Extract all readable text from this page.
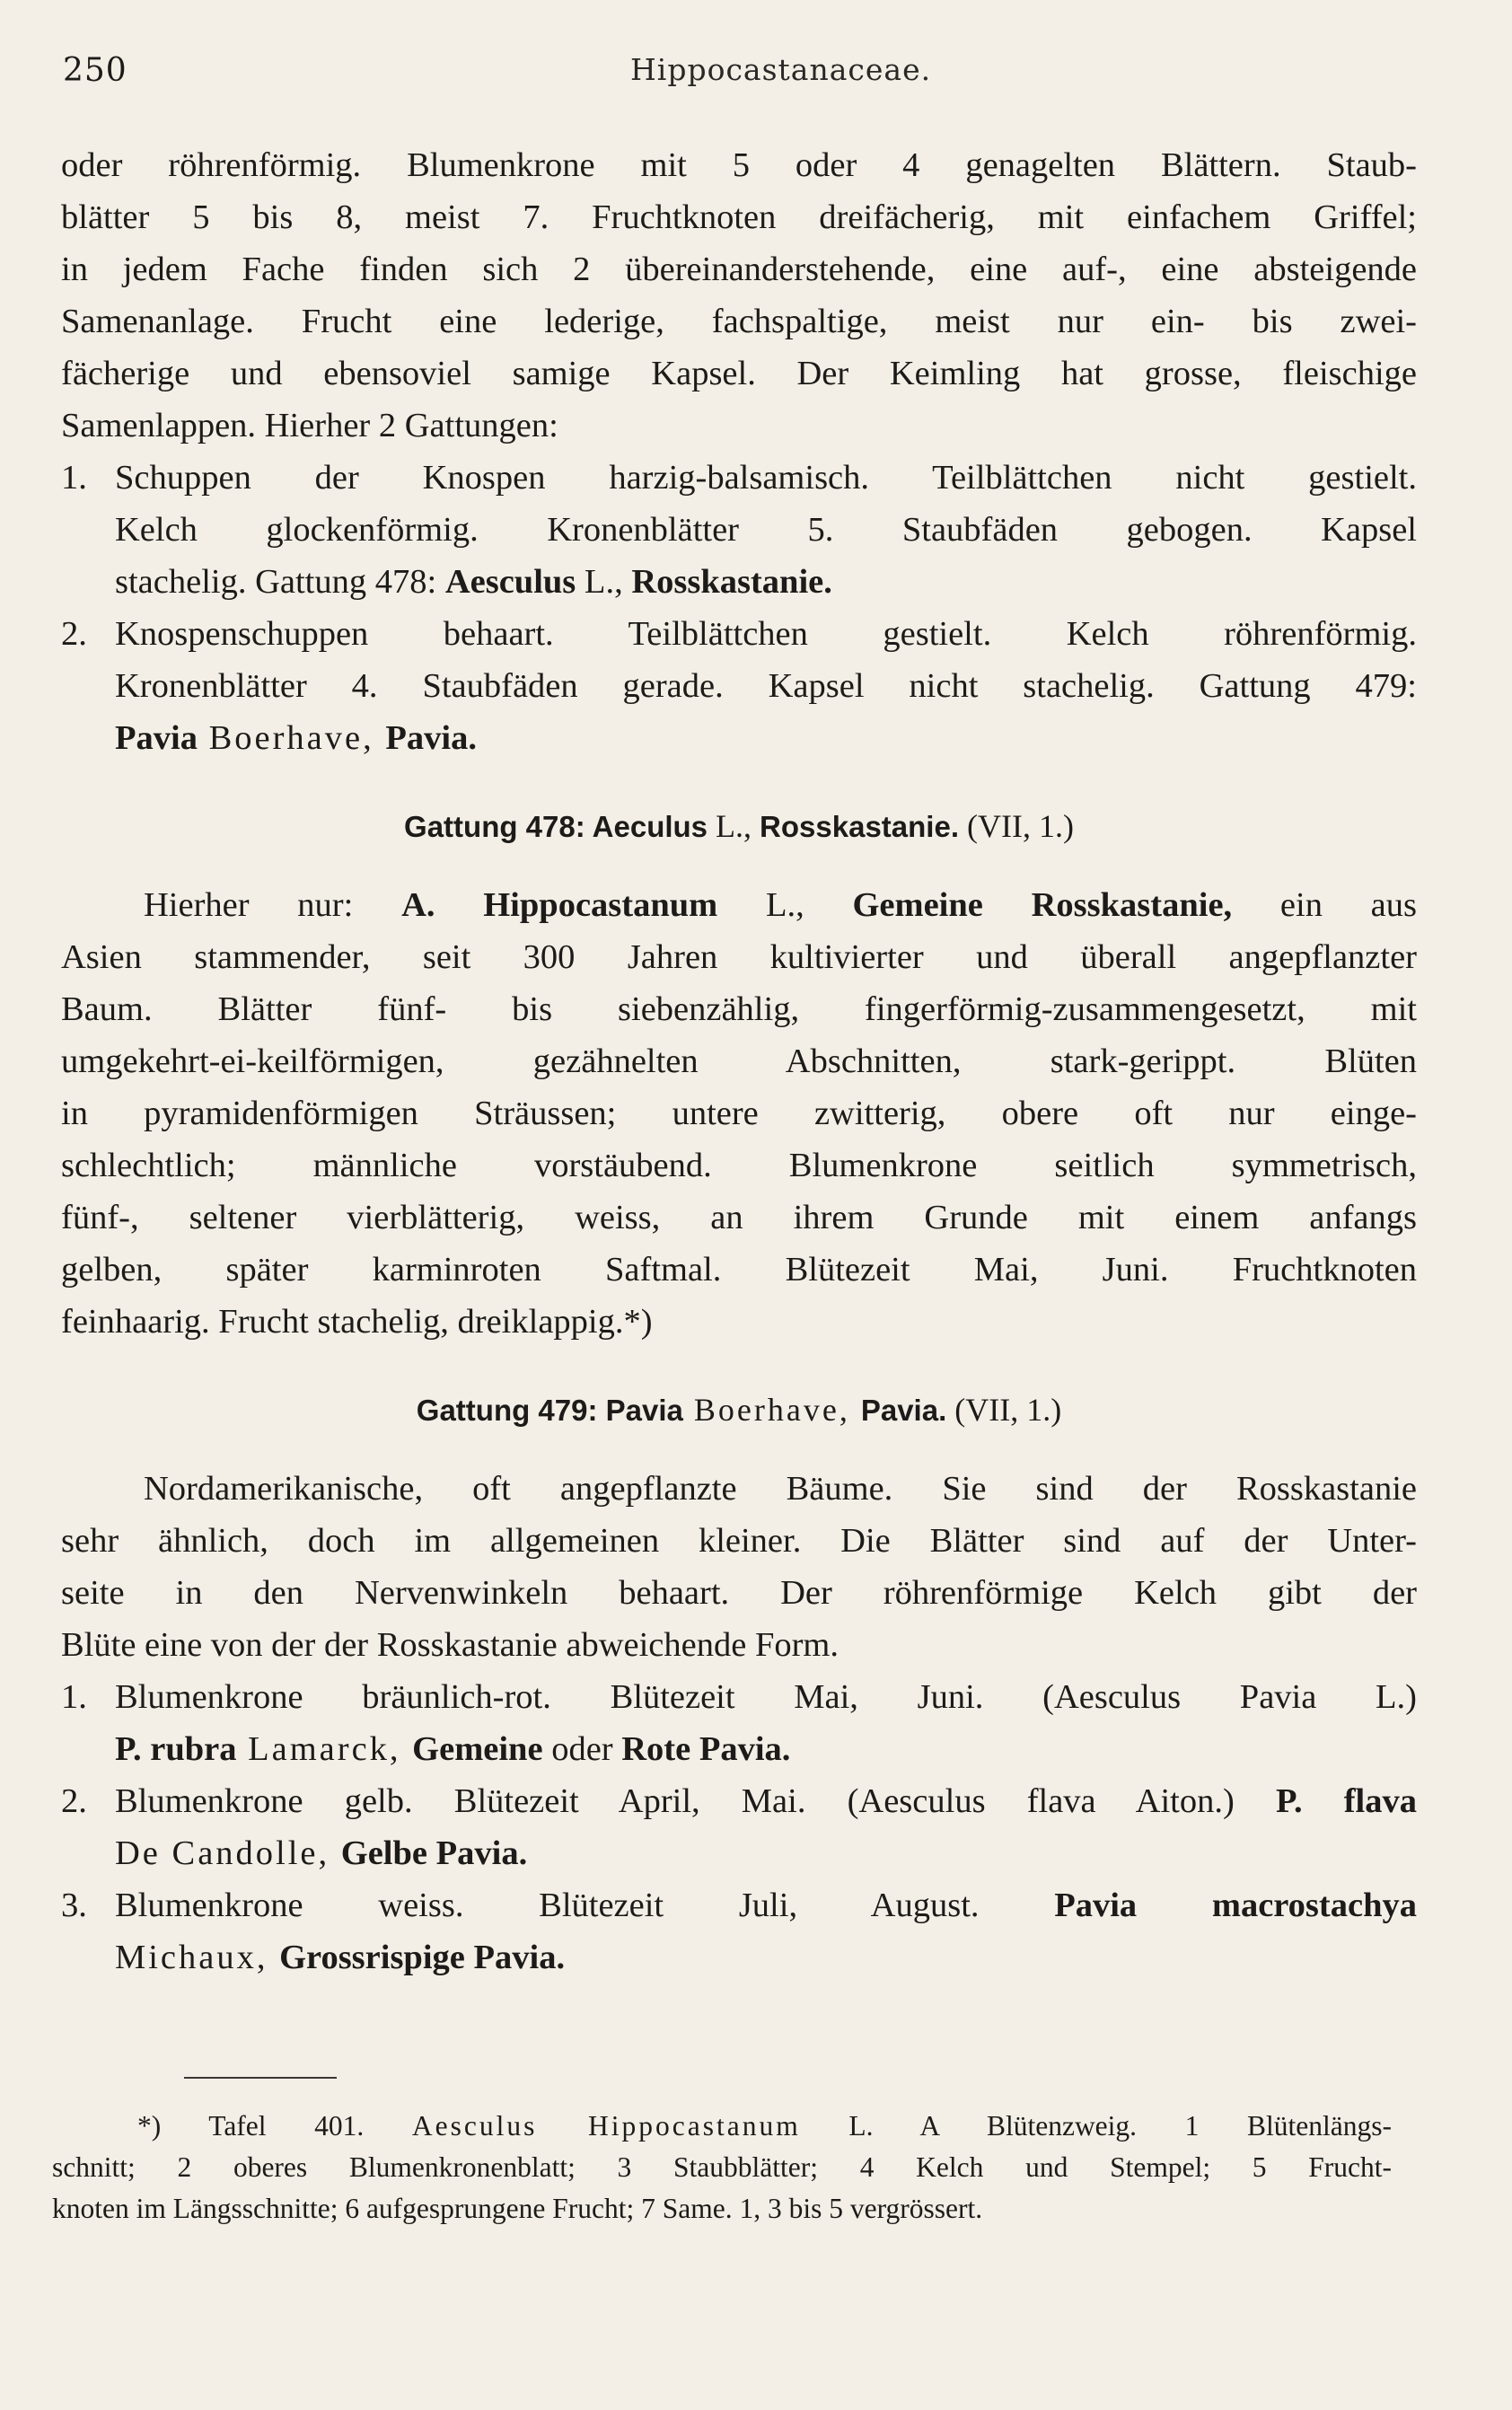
250	Hippocastanaceae.
oder röhrenförmig. Blumenkrone mit 5 oder 4 genagelten Blättern. Staub-
blätter 5 bis 8, meist 7. Fruchtknoten dreifächerig, mit einfachem Griffel;
in jedem Fache finden sich 2 übereinanderstehende, eine auf-, eine absteigende
Samenanlage. Frucht eine lederige, fachspaltige, meist nur ein- bis zwei-
fächerige und ebensoviel samige Kapsel. Der Keimling hat grosse, fleischige
Samenlappen. Hierher 2 Gattungen:
1. Schuppen der Knospen harzig-balsamisch. Teilblättchen nicht gestielt.
Kelch glockenförmig. Kronenblätter 5. Staubfäden gebogen. Kapsel
stachelig. Gattung 478: Aesculus L., Rosskastanie.
2. Knospenschuppen behaart. Teilblättchen gestielt. Kelch röhrenförmig.
Kronenblätter 4. Staubfäden gerade. Kapsel nicht stachelig. Gattung 479:
Pavia Boerhave, Pavia.
Gattung 478: Aeculus L., Rosskastanie. (VII, 1.)
Hierher nur: A. Hippocastanum L., Gemeine Rosskastanie, ein aus
Asien stammender, seit 300 Jahren kultivierter und überall angepflanzter
Baum. Blätter fünf- bis siebenzählig, fingerförmig-zusammengesetzt, mit
umgekehrt-ei-keilförmigen, gezähnelten Abschnitten, stark-gerippt. Blüten
in pyramidenförmigen Sträussen; untere zwitterig, obere oft nur einge-
schlechtlich; männliche vorstäubend. Blumenkrone seitlich symmetrisch,
fünf-, seltener vierblätterig, weiss, an ihrem Grunde mit einem anfangs
gelben, später karminroten Saftmal. Blütezeit Mai, Juni. Fruchtknoten
feinhaarig. Frucht stachelig, dreiklappig.*)
Gattung 479: Pavia Boerhave, Pavia. (VII, 1.)
Nordamerikanische, oft angepflanzte Bäume. Sie sind der Rosskastanie
sehr ähnlich, doch im allgemeinen kleiner. Die Blätter sind auf der Unter-
seite in den Nervenwinkeln behaart. Der röhrenförmige Kelch gibt der
Blüte eine von der der Rosskastanie abweichende Form.
1. Blumenkrone bräunlich-rot. Blütezeit Mai, Juni. (Aesculus Pavia L.)
P. rubra Lamarck, Gemeine oder Rote Pavia.
2. Blumenkrone gelb. Blütezeit April, Mai. (Aesculus flava Aiton.) P. flava
De Candolle, Gelbe Pavia.
3. Blumenkrone weiss. Blütezeit Juli, August. Pavia macrostachya
Michaux, Grossrispige Pavia.
*) Tafel 401. Aesculus Hippocastanum L. A Blütenzweig. 1 Blütenlängs-
schnitt; 2 oberes Blumenkronenblatt; 3 Staubblätter; 4 Kelch und Stempel; 5 Frucht-
knoten im Längsschnitte; 6 aufgesprungene Frucht; 7 Same. 1, 3 bis 5 vergrössert.
